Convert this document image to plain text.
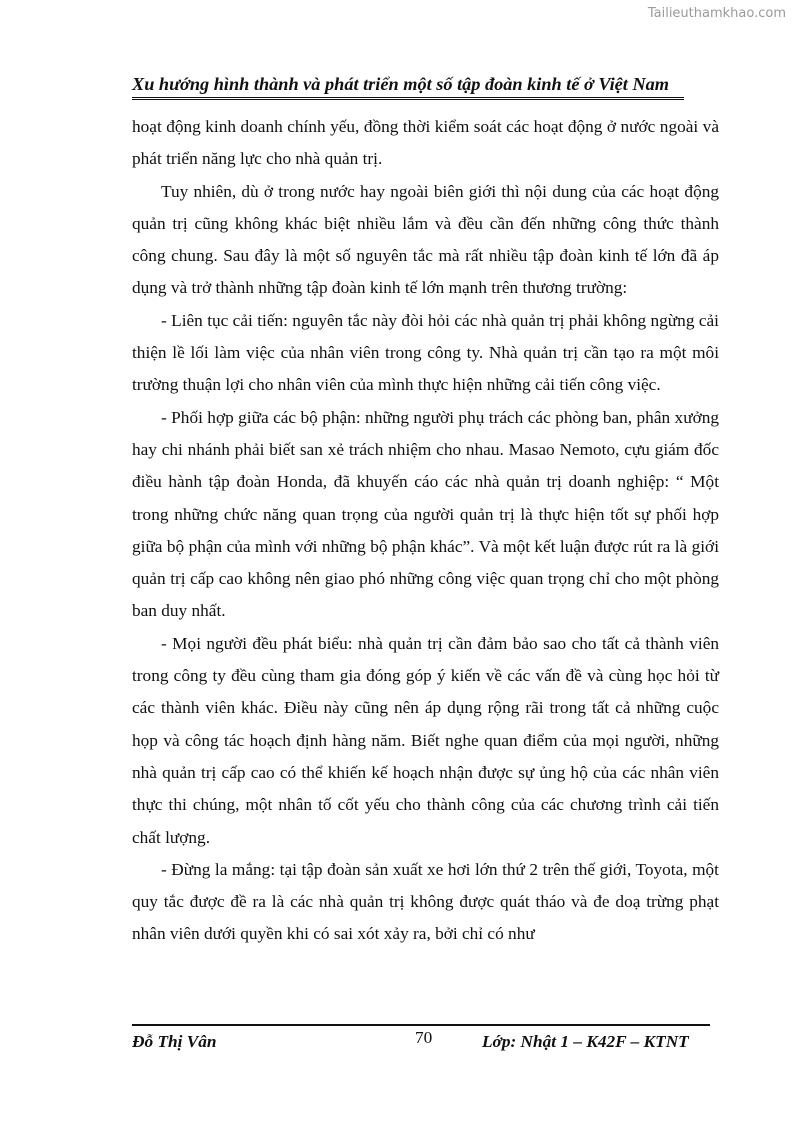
Tailieuthamkhao.com
Xu hướng hình thành và phát triển một số tập đoàn kinh tế ở Việt Nam

hoạt động kinh doanh chính yếu, đồng thời kiểm soát các hoạt động ở nước ngoài và phát triển năng lực cho nhà quản trị.

Tuy nhiên, dù ở trong nước hay ngoài biên giới thì nội dung của các hoạt động quản trị cũng không khác biệt nhiều lắm và đều cần đến những công thức thành công chung. Sau đây là một số nguyên tắc mà rất nhiều tập đoàn kinh tế lớn đã áp dụng và trở thành những tập đoàn kinh tế lớn mạnh trên thương trường:

- Liên tục cải tiến: nguyên tắc này đòi hỏi các nhà quản trị phải không ngừng cải thiện lề lối làm việc của nhân viên trong công ty. Nhà quản trị cần tạo ra một môi trường thuận lợi cho nhân viên của mình thực hiện những cải tiến công việc.

- Phối hợp giữa các bộ phận: những người phụ trách các phòng ban, phân xưởng hay chi nhánh phải biết san xẻ trách nhiệm cho nhau. Masao Nemoto, cựu giám đốc điều hành tập đoàn Honda, đã khuyến cáo các nhà quản trị doanh nghiệp: “ Một trong những chức năng quan trọng của người quản trị là thực hiện tốt sự phối hợp giữa bộ phận của mình với những bộ phận khác”. Và một kết luận được rút ra là giới quản trị cấp cao không nên giao phó những công việc quan trọng chỉ cho một phòng ban duy nhất.

- Mọi người đều phát biểu: nhà quản trị cần đảm bảo sao cho tất cả thành viên trong công ty đều cùng tham gia đóng góp ý kiến về các vấn đề và cùng học hỏi từ các thành viên khác. Điều này cũng nên áp dụng rộng rãi trong tất cả những cuộc họp và công tác hoạch định hàng năm. Biết nghe quan điểm của mọi người, những nhà quản trị cấp cao có thể khiến kế hoạch nhận được sự ủng hộ của các nhân viên thực thi chúng, một nhân tố cốt yếu cho thành công của các chương trình cải tiến chất lượng.

- Đừng la mắng: tại tập đoàn sản xuất xe hơi lớn thứ 2 trên thế giới, Toyota, một quy tắc được đề ra là các nhà quản trị không được quát tháo và đe doạ trừng phạt nhân viên dưới quyền khi có sai xót xảy ra, bởi chỉ có như

Đỗ Thị Vân	70	Lớp: Nhật 1 – K42F – KTNT
